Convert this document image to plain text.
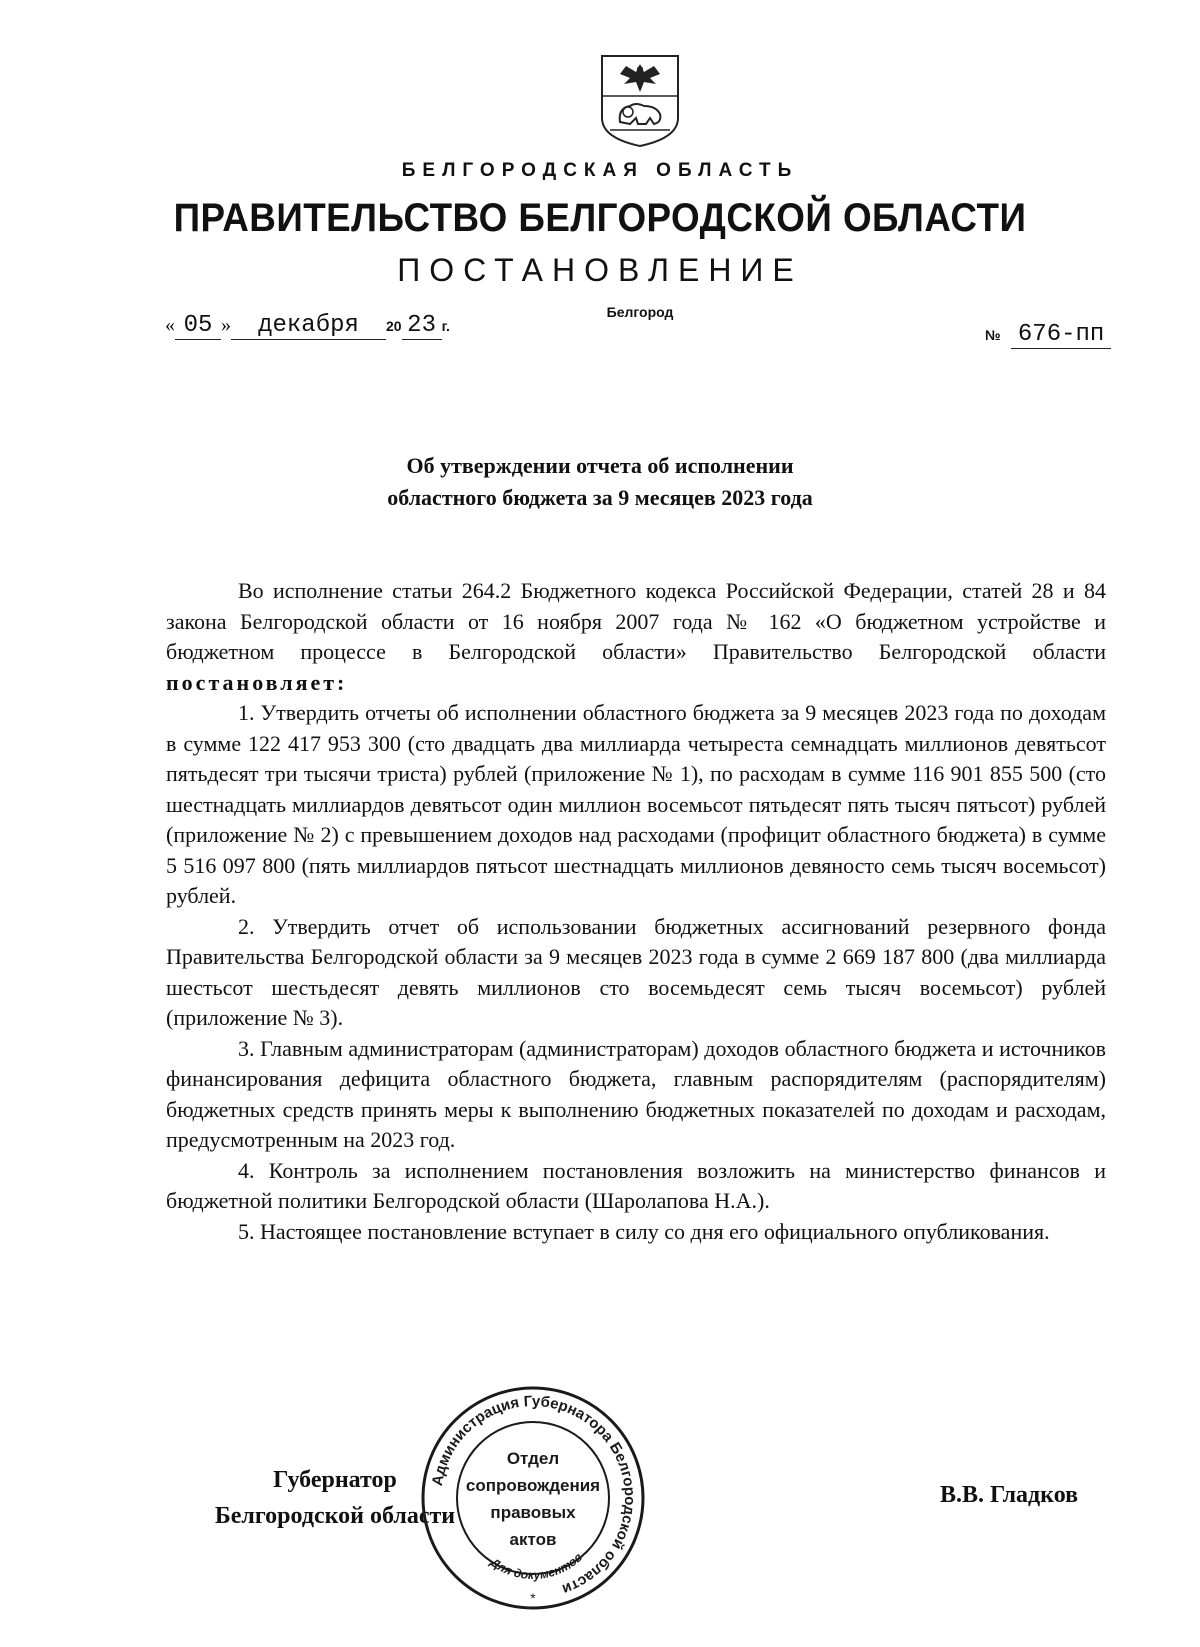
БЕЛГОРОДСКАЯ ОБЛАСТЬ
ПРАВИТЕЛЬСТВО БЕЛГОРОДСКОЙ ОБЛАСТИ
ПОСТАНОВЛЕНИЕ
Белгород
« 05 » декабря 20 23 г.
№ 676-пп
Об утверждении отчета об исполнении
областного бюджета за 9 месяцев 2023 года

Во исполнение статьи 264.2 Бюджетного кодекса Российской Федерации, статей 28 и 84 закона Белгородской области от 16 ноября 2007 года № 162 «О бюджетном устройстве и бюджетном процессе в Белгородской области» Правительство Белгородской области постановляет:

1. Утвердить отчеты об исполнении областного бюджета за 9 месяцев 2023 года по доходам в сумме 122 417 953 300 (сто двадцать два миллиарда четыреста семнадцать миллионов девятьсот пятьдесят три тысячи триста) рублей (приложение № 1), по расходам в сумме 116 901 855 500 (сто шестнадцать миллиардов девятьсот один миллион восемьсот пятьдесят пять тысяч пятьсот) рублей (приложение № 2) с превышением доходов над расходами (профицит областного бюджета) в сумме 5 516 097 800 (пять миллиардов пятьсот шестнадцать миллионов девяносто семь тысяч восемьсот) рублей.

2. Утвердить отчет об использовании бюджетных ассигнований резервного фонда Правительства Белгородской области за 9 месяцев 2023 года в сумме 2 669 187 800 (два миллиарда шестьсот шестьдесят девять миллионов сто восемьдесят семь тысяч восемьсот) рублей (приложение № 3).

3. Главным администраторам (администраторам) доходов областного бюджета и источников финансирования дефицита областного бюджета, главным распорядителям (распорядителям) бюджетных средств принять меры к выполнению бюджетных показателей по доходам и расходам, предусмотренным на 2023 год.

4. Контроль за исполнением постановления возложить на министерство финансов и бюджетной политики Белгородской области (Шаролапова Н.А.).

5. Настоящее постановление вступает в силу со дня его официального опубликования.

Губернатор
Белгородской области
Администрация Губернатора Белгородской области
Для документов
*
Отдел
сопровождения
правовых
актов
В.В. Гладков
